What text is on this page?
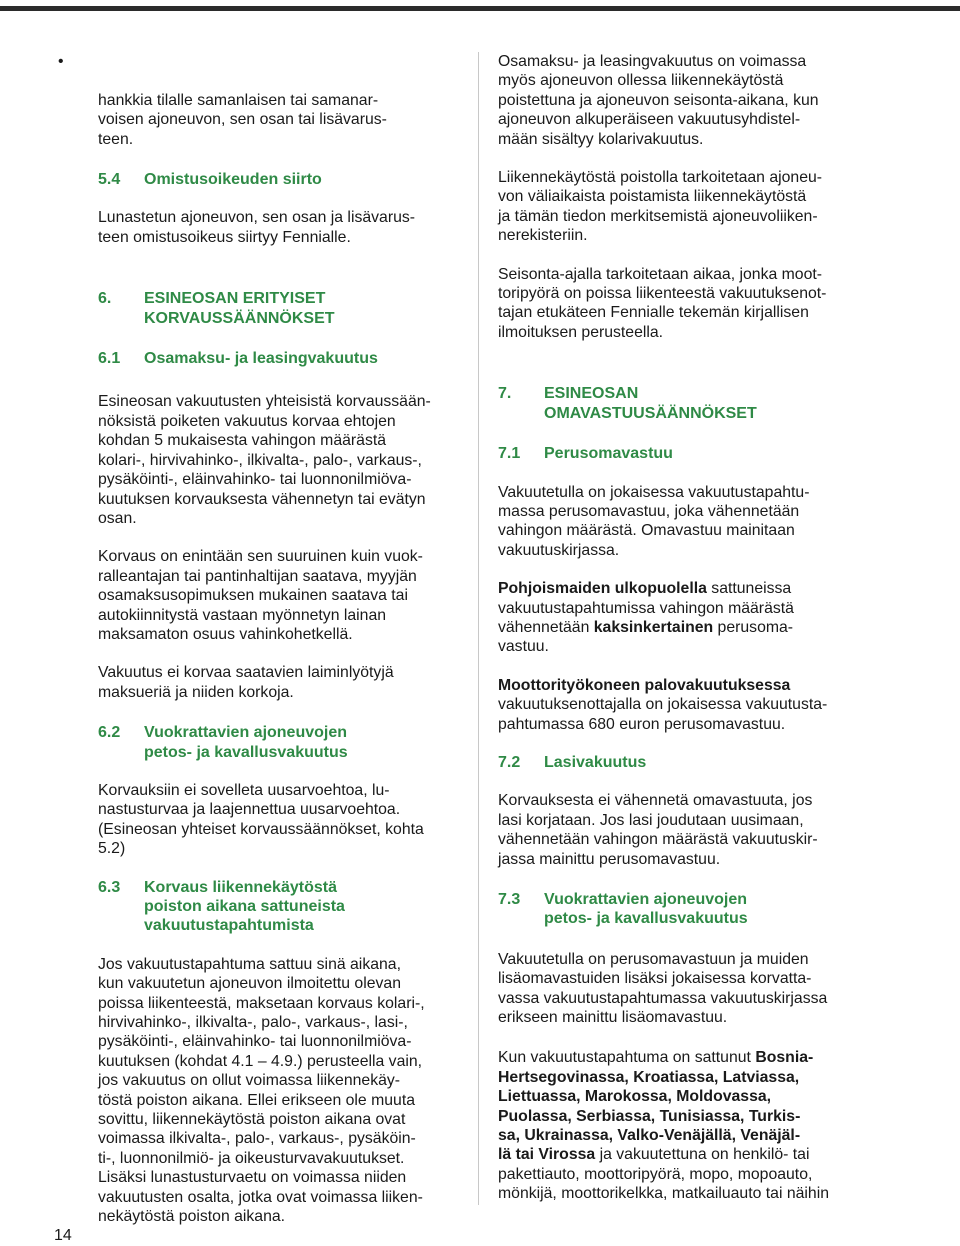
•

hankkia tilalle samanlaisen tai samanar-
voisen ajoneuvon, sen osan tai lisävarus-
teen.

5.4	Omistusoikeuden siirto

Lunastetun ajoneuvon, sen osan ja lisävarus-
teen omistusoikeus siirtyy Fennialle.

6.	ESINEOSAN ERITYISET
KORVAUSSÄÄNNÖKSET
6.1	Osamaksu- ja leasingvakuutus

Esineosan vakuutusten yhteisistä korvaussään-
nöksistä poiketen vakuutus korvaa ehtojen
kohdan 5 mukaisesta vahingon määrästä
kolari-, hirvivahinko-, ilkivalta-, palo-, varkaus-,
pysäköinti-, eläinvahinko- tai luonnonilmiöva-
kuutuksen korvauksesta vähennetyn tai evätyn
osan.

Korvaus on enintään sen suuruinen kuin vuok-
ralleantajan tai pantinhaltijan saatava, myyjän
osamaksusopimuksen mukainen saatava tai
autokiinnitystä vastaan myönnetyn lainan
maksamaton osuus vahinkohetkellä.

Vakuutus ei korvaa saatavien laiminlyötyjä
maksueriä ja niiden korkoja.

6.2	Vuokrattavien ajoneuvojen
petos- ja kavallusvakuutus

Korvauksiin ei sovelleta uusarvoehtoa, lu-
nastusturvaa ja laajennettua uusarvoehtoa.
(Esineosan yhteiset korvaussäännökset, kohta
5.2)

6.3	Korvaus liikennekäytöstä
poiston aikana sattuneista
vakuutustapahtumista

Jos vakuutustapahtuma sattuu sinä aikana,
kun vakuutetun ajoneuvon ilmoitettu olevan
poissa liikenteestä, maksetaan korvaus kolari-,
hirvivahinko-, ilkivalta-, palo-, varkaus-, lasi-,
pysäköinti-, eläinvahinko- tai luonnonilmiöva-
kuutuksen (kohdat 4.1 – 4.9.) perusteella vain,
jos vakuutus on ollut voimassa liikennekäy-
töstä poiston aikana. Ellei erikseen ole muuta
sovittu, liikennekäytöstä poiston aikana ovat
voimassa ilkivalta-, palo-, varkaus-, pysäköin-
ti-, luonnonilmiö- ja oikeusturvavakuutukset.
Lisäksi lunastusturvaetu on voimassa niiden
vakuutusten osalta, jotka ovat voimassa liiken-
nekäytöstä poiston aikana.

Osamaksu- ja leasingvakuutus on voimassa
myös ajoneuvon ollessa liikennekäytöstä
poistettuna ja ajoneuvon seisonta-aikana, kun
ajoneuvon alkuperäiseen vakuutusyhdistel-
mään sisältyy kolarivakuutus.

Liikennekäytöstä poistolla tarkoitetaan ajoneu-
von väliaikaista poistamista liikennekäytöstä
ja tämän tiedon merkitsemistä ajoneuvoliiken-
nerekisteriin.

Seisonta-ajalla tarkoitetaan aikaa, jonka moot-
toripyörä on poissa liikenteestä vakuutuksenot-
tajan etukäteen Fennialle tekemän kirjallisen
ilmoituksen perusteella.

7.	ESINEOSAN
OMAVASTUUSÄÄNNÖKSET
7.1	Perusomavastuu

Vakuutetulla on jokaisessa vakuutustapahtu-
massa perusomavastuu, joka vähennetään
vahingon määrästä. Omavastuu mainitaan
vakuutuskirjassa.

Pohjoismaiden ulkopuolella sattuneissa
vakuutustapahtumissa vahingon määrästä
vähennetään kaksinkertainen perusoma-
vastuu.

Moottorityökoneen palovakuutuksessa
vakuutuksenottajalla on jokaisessa vakuutusta-
pahtumassa 680 euron perusomavastuu.

7.2	Lasivakuutus

Korvauksesta ei vähennetä omavastuuta, jos
lasi korjataan. Jos lasi joudutaan uusimaan,
vähennetään vahingon määrästä vakuutuskir-
jassa mainittu perusomavastuu.

7.3	Vuokrattavien ajoneuvojen
petos- ja kavallusvakuutus

Vakuutetulla on perusomavastuun ja muiden
lisäomavastuiden lisäksi jokaisessa korvatta-
vassa vakuutustapahtumassa vakuutuskirjassa
erikseen mainittu lisäomavastuu.

Kun vakuutustapahtuma on sattunut Bosnia-
Hertsegovinassa, Kroatiassa, Latviassa,
Liettuassa, Marokossa, Moldovassa,
Puolassa, Serbiassa, Tunisiassa, Turkis-
sa, Ukrainassa, Valko-Venäjällä, Venäjäl-
lä tai Virossa ja vakuutettuna on henkilö- tai
pakettiauto, moottoripyörä, mopo, mopoauto,
mönkijä, moottorikelkka, matkailuauto tai näihin

14
